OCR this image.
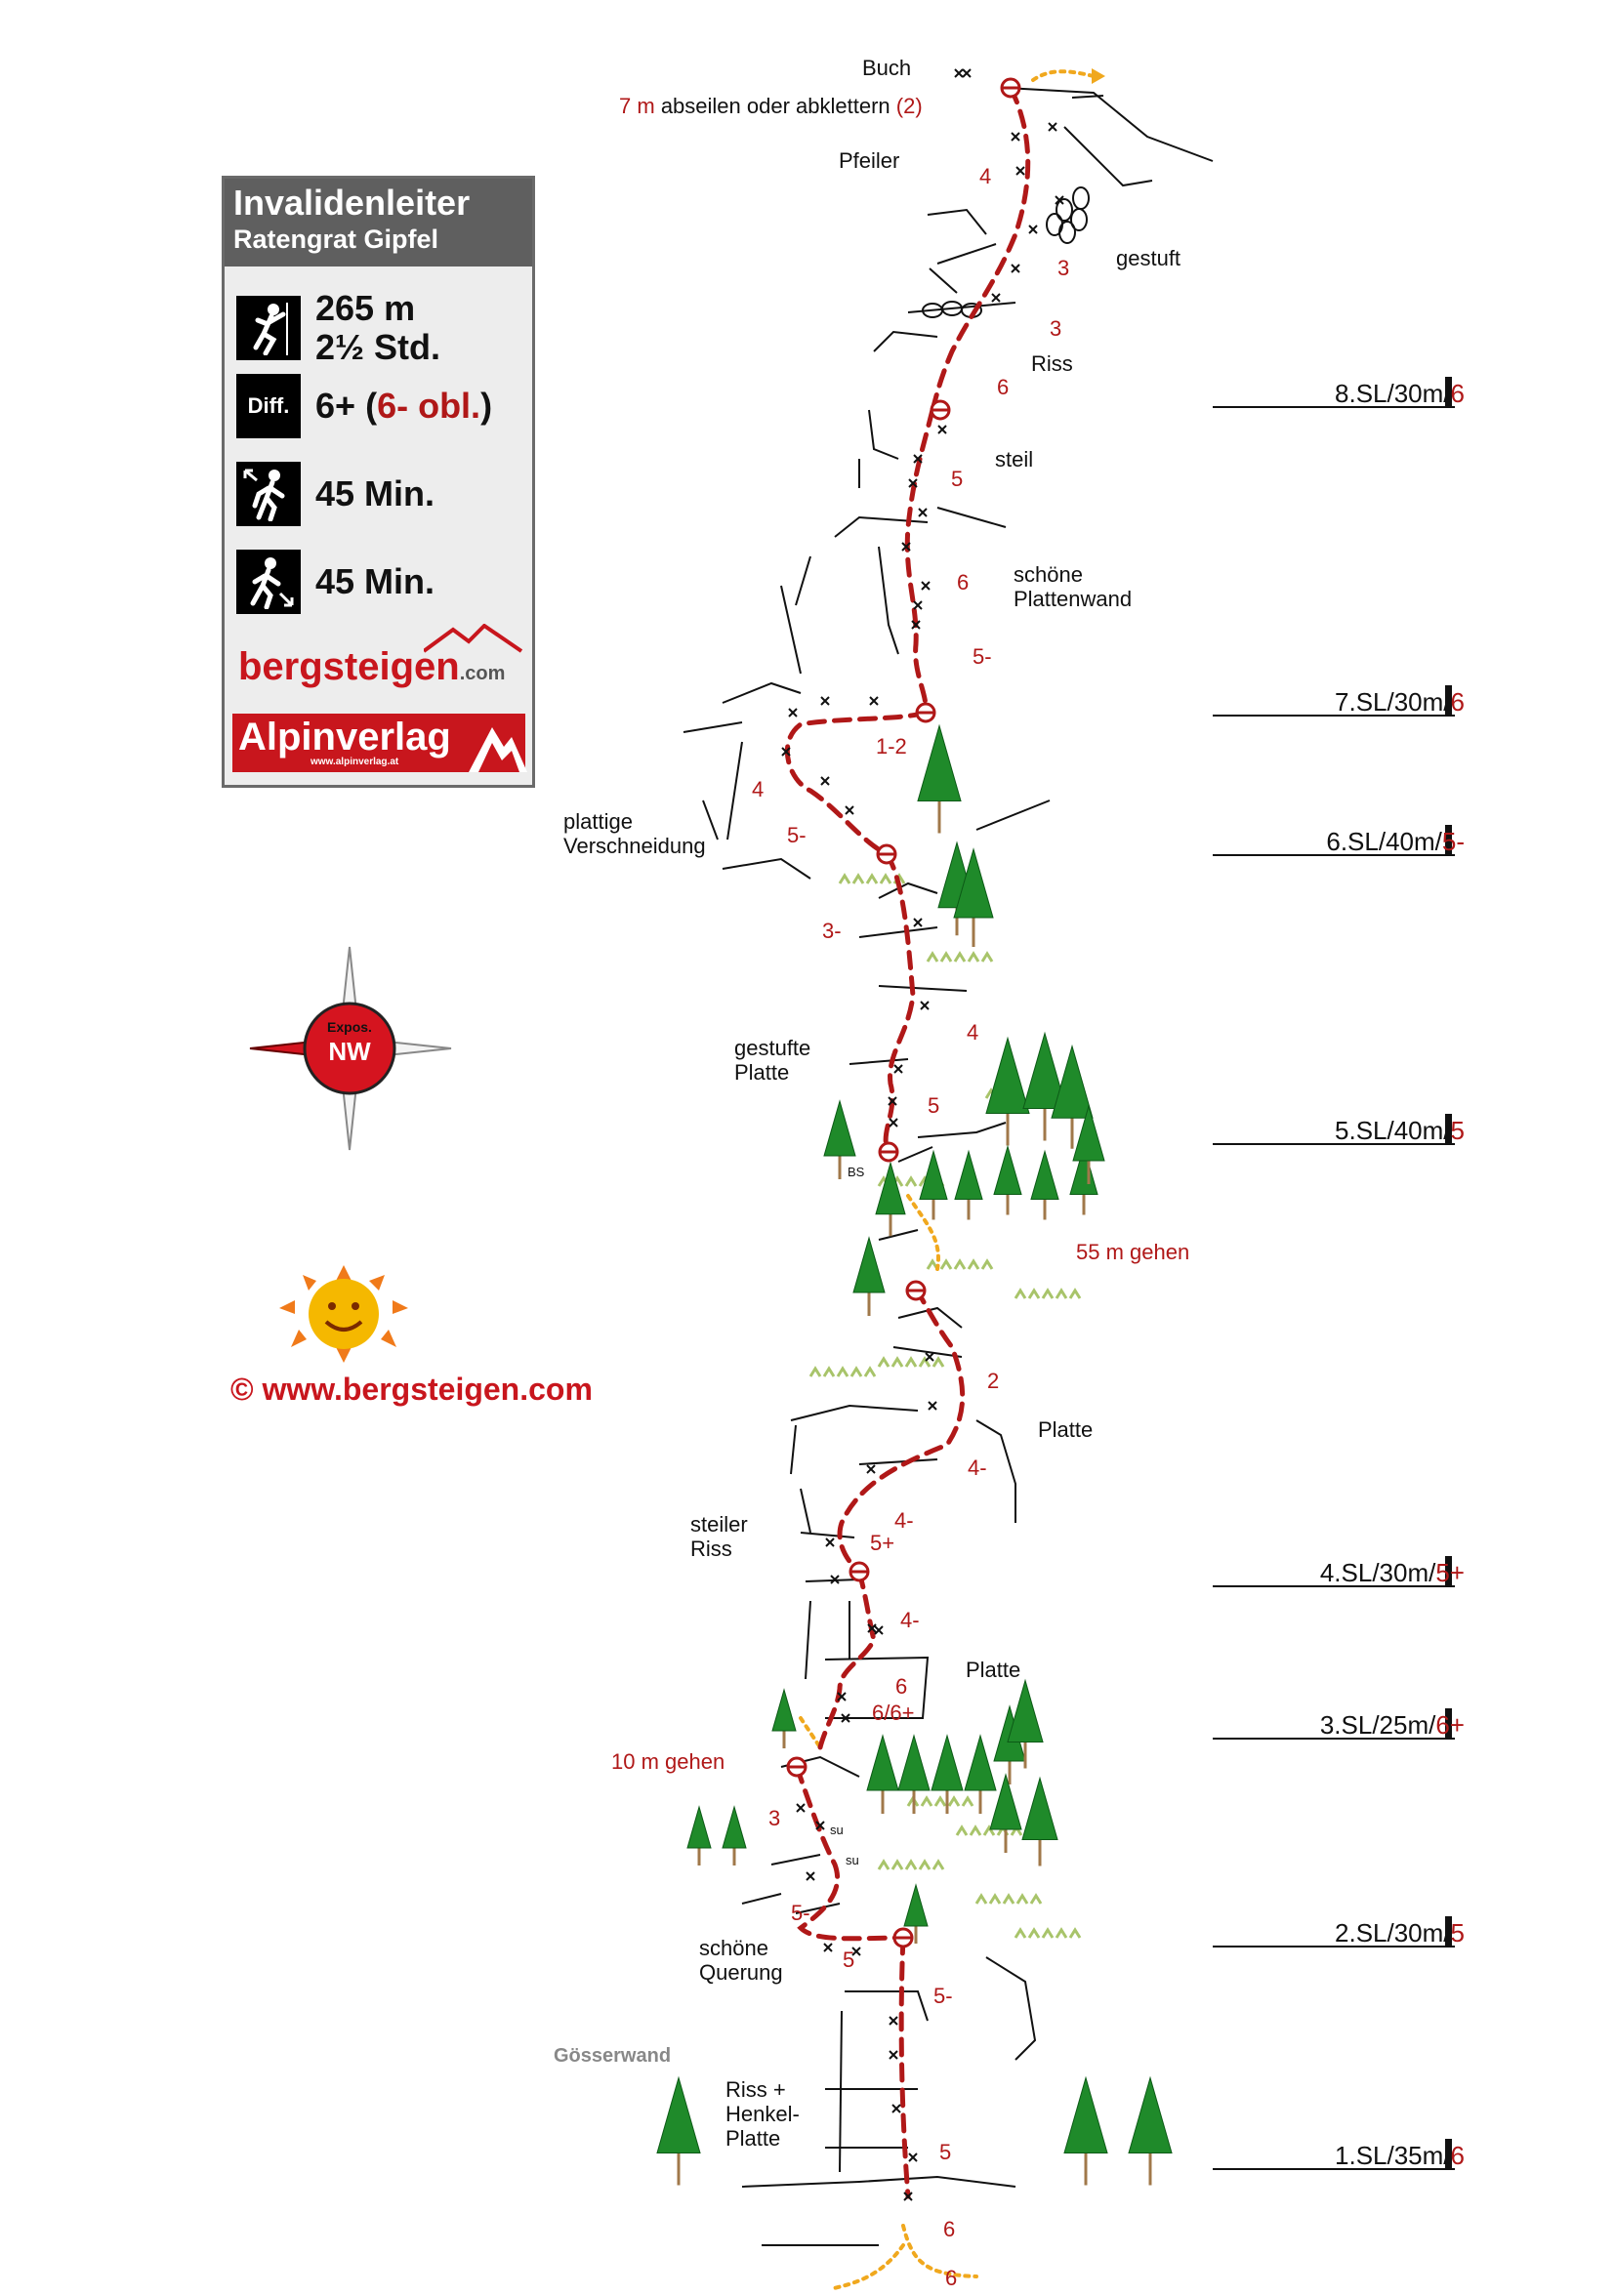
Invalidenleiter
Ratengrat Gipfel
265 m
2½ Std.
Diff. 6+ (6- obl.)
45 Min.
45 Min.
bergsteigen.com
Alpinverlag
www.alpinverlag.at
Expos.
NW
© www.bergsteigen.com
8.SL/30m/6
7.SL/30m/6
6.SL/40m/5-
5.SL/40m/5
4.SL/30m/5+
3.SL/25m/6+
2.SL/30m/5
1.SL/35m/6
Buch
7 m abseilen oder abklettern (2)
Pfeiler
gestuft
Riss
steil
schöne
Plattenwand
plattige
Verschneidung
gestufte
Platte
55 m gehen
Platte
steiler
Riss
Platte
10 m gehen
schöne
Querung
Gösserwand
Riss +
Henkel-
Platte
BS
su
su
4
3
3
6
5
6
5-
1-2
4
5-
3-
4
5
2
4-
4-
5+
4-
6
6/6+
3
5-
5
5-
5
6
6
